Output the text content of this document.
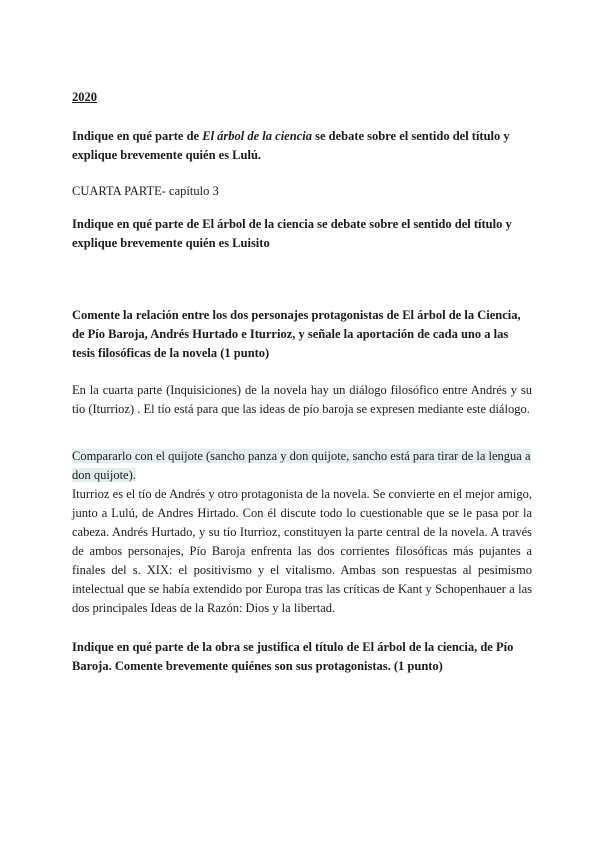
2020

Indique en qué parte de El árbol de la ciencia se debate sobre el sentido del título y explique brevemente quién es Lulú.

CUARTA PARTE- capítulo 3

Indique en qué parte de El árbol de la ciencia se debate sobre el sentido del título y explique brevemente quién es Luisito

Comente la relación entre los dos personajes protagonistas de El árbol de la Ciencia, de Pío Baroja, Andrés Hurtado e Iturrioz, y señale la aportación de cada uno a las tesis filosóficas de la novela (1 punto)

En la cuarta parte (Inquisiciones) de la novela hay un diálogo filosófico entre Andrés y su tío (Iturrioz) . El tío está para que las ideas de pío baroja se expresen mediante este diálogo.

Compararlo con el quijote (sancho panza y don quijote, sancho está para tirar de la lengua a don quijote).

Iturrioz es el tío de Andrés y otro protagonista de la novela. Se convierte en el mejor amigo, junto a Lulú, de Andres Hirtado. Con él discute todo lo cuestionable que se le pasa por la cabeza. Andrés Hurtado, y su tío Iturrioz, constituyen la parte central de la novela. A través de ambos personajes, Pío Baroja enfrenta las dos corrientes filosóficas más pujantes a finales del s. XIX: el positivismo y el vitalismo. Ambas son respuestas al pesimismo intelectual que se había extendido por Europa tras las críticas de Kant y Schopenhauer a las dos principales Ideas de la Razón: Dios y la libertad.

Indique en qué parte de la obra se justifica el título de El árbol de la ciencia, de Pío Baroja. Comente brevemente quiénes son sus protagonistas. (1 punto)
